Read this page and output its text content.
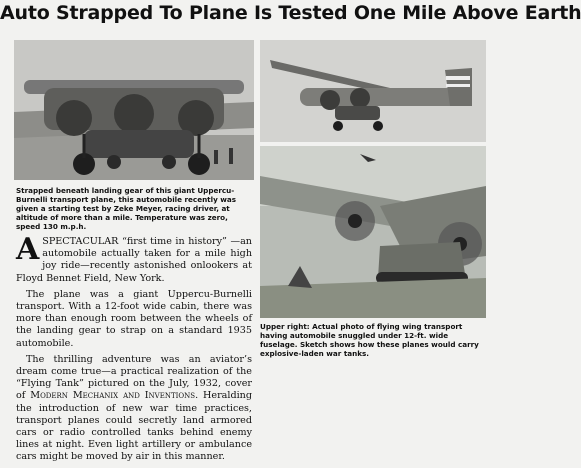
Auto Strapped To Plane Is Tested One Mile Above Earth

Strapped beneath landing gear of this giant Uppercu-Burnelli transport plane, this automobile recently was given a starting test by Zeke Meyer, racing driver, at altitude of more than a mile. Temperature was zero, speed 130 m.p.h.

Upper right: Actual photo of flying wing transport having automobile snuggled under 12-ft. wide fuselage. Sketch shows how these planes would carry explosive-laden war tanks.

ASPECTACULAR “first time in history” —an automobile actually taken for a mile high joy ride—recently astonished onlookers at Floyd Bennet Field, New York.

The plane was a giant Uppercu-Burnelli transport. With a 12-foot wide cabin, there was more than enough room between the wheels of the landing gear to strap on a standard 1935 automobile.

The thrilling adventure was an aviator’s dream come true—a practical realization of the “Flying Tank” pictured on the July, 1932, cover of Modern Mechanix and Inventions. Heralding the introduction of new war time practices, transport planes could secretly land armored cars or radio controlled tanks behind enemy lines at night. Even light artillery or ambulance cars might be moved by air in this manner.
